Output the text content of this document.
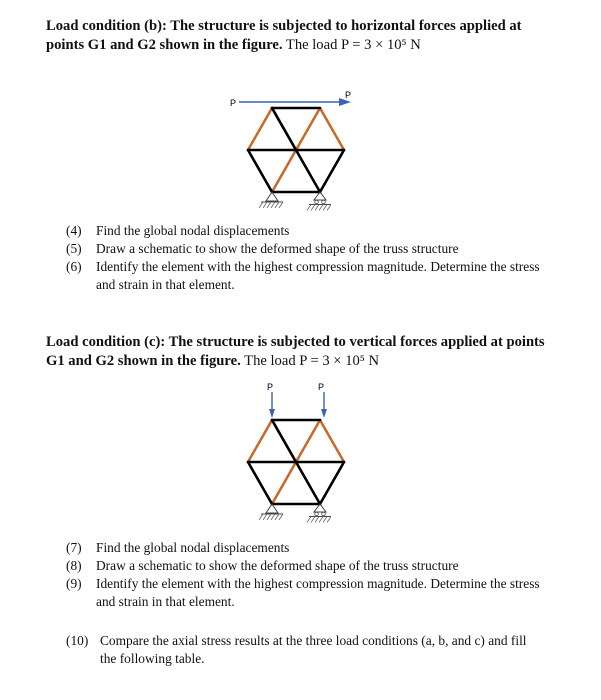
Load condition (b): The structure is subjected to horizontal forces applied at points G1 and G2 shown in the figure. The load P = 3 × 10⁵ N
P
P
(4)	Find the global nodal displacements
(5)	Draw a schematic to show the deformed shape of the truss structure
(6)	Identify the element with the highest compression magnitude. Determine the stress and strain in that element.
Load condition (c): The structure is subjected to vertical forces applied at points G1 and G2 shown in the figure. The load P = 3 × 10⁵ N
P	P
(7)	Find the global nodal displacements
(8)	Draw a schematic to show the deformed shape of the truss structure
(9)	Identify the element with the highest compression magnitude. Determine the stress and strain in that element.
(10) Compare the axial stress results at the three load conditions (a, b, and c) and fill the following table.
